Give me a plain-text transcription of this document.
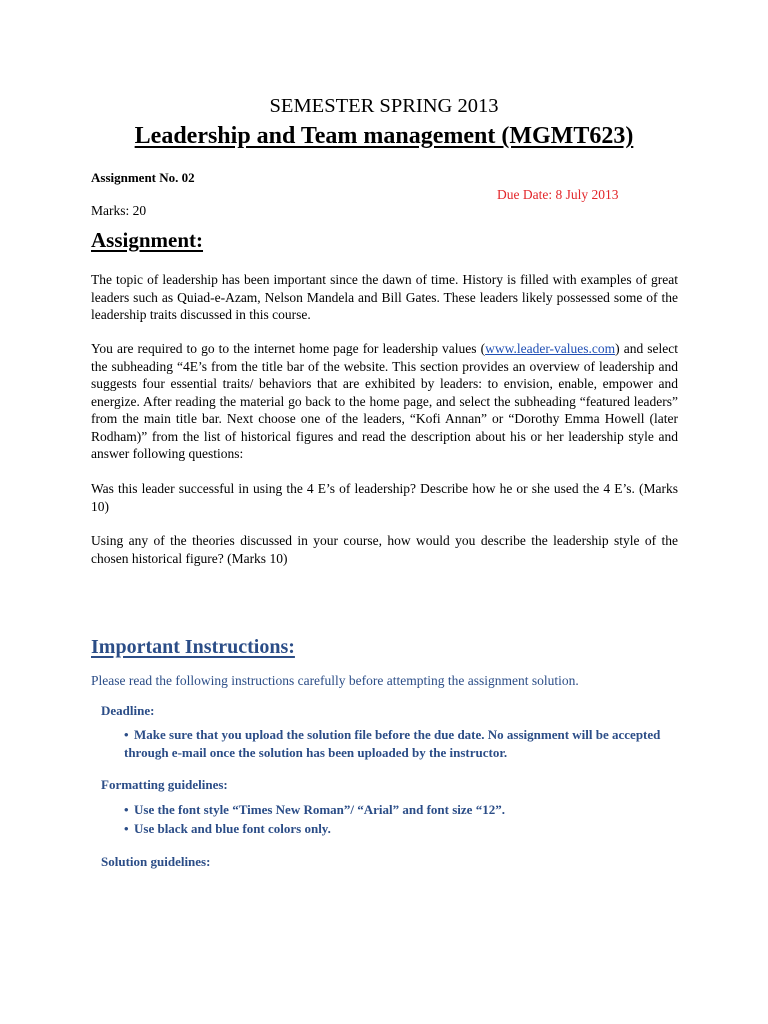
SEMESTER SPRING 2013
Leadership and Team management (MGMT623)
Assignment No. 02
Due Date: 8 July 2013
Marks: 20
Assignment:
The topic of leadership has been important since the dawn of time. History is filled with examples of great leaders such as Quiad-e-Azam, Nelson Mandela and Bill Gates. These leaders likely possessed some of the leadership traits discussed in this course.
You are required to go to the internet home page for leadership values (www.leader-values.com) and select the subheading “4E’s from the title bar of the website. This section provides an overview of leadership and suggests four essential traits/ behaviors that are exhibited by leaders: to envision, enable, empower and energize. After reading the material go back to the home page, and select the subheading “featured leaders” from the main title bar. Next choose one of the leaders, “Kofi Annan” or “Dorothy Emma Howell (later Rodham)” from the list of historical figures and read the description about his or her leadership style and answer following questions:
Was this leader successful in using the 4 E’s of leadership? Describe how he or she used the 4 E’s. (Marks 10)
Using any of the theories discussed in your course, how would you describe the leadership style of the chosen historical figure? (Marks 10)
Important Instructions:
Please read the following instructions carefully before attempting the assignment solution.
Deadline:
• Make sure that you upload the solution file before the due date. No assignment will be accepted through e-mail once the solution has been uploaded by the instructor.
Formatting guidelines:
• Use the font style “Times New Roman”/ “Arial” and font size “12”.
• Use black and blue font colors only.
Solution guidelines:
